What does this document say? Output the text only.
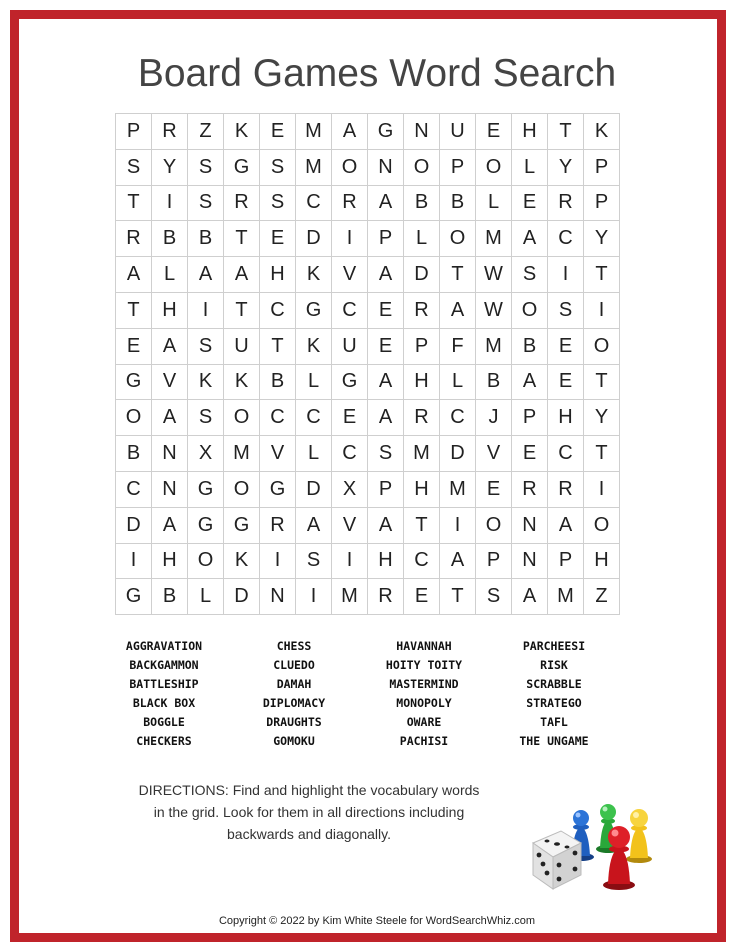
Board Games Word Search
P	R	Z	K	E	M	A	G	N	U	E	H	T	K
S	Y	S	G	S	M O	N	O	P	O	L	Y	P
T	I	S	R	S	C	R	A	B	B	L	E	R	P
R	B	B	T	E	D	I	P	L	O M	A	C	Y
A	L	A	A	H	K	V	A	D	T	W S	I	T
T	H	I	T	C	G	C	E	R	A W O	S	I
E	A	S	U	T	K	U	E	P	F	M	B	E	O
G	V	K	K	B	L	G	A	H	L	B	A	E	T
O	A	S	O	C	C	E	A	R	C	J	P	H	Y
B	N	X	M	V	L	C	S	M	D	V	E	C	T
C	N	G	O	G	D	X	P	H	M	E	R	R	I
D	A	G	G	R	A	V	A	T	I	O	N	A	O
I	H	O	K	I	S	I	H	C	A	P	N	P	H
G	B	L	D	N	I	M	R	E	T	S	A	M	Z
AGGRAVATION
BACKGAMMON
BATTLESHIP
BLACK BOX
BOGGLE
CHECKERS
CHESS
CLUEDO
DAMAH
DIPLOMACY
DRAUGHTS
GOMOKU
HAVANNAH
HOITY TOITY
MASTERMIND
MONOPOLY
OWARE
PACHISI
PARCHEESI
RISK
SCRABBLE
STRATEGO
TAFL
THE UNGAME
DIRECTIONS: Find and highlight the vocabulary words
in the grid. Look for them in all directions including
backwards and diagonally.
Copyright © 2022 by Kim White Steele for WordSearchWhiz.com
